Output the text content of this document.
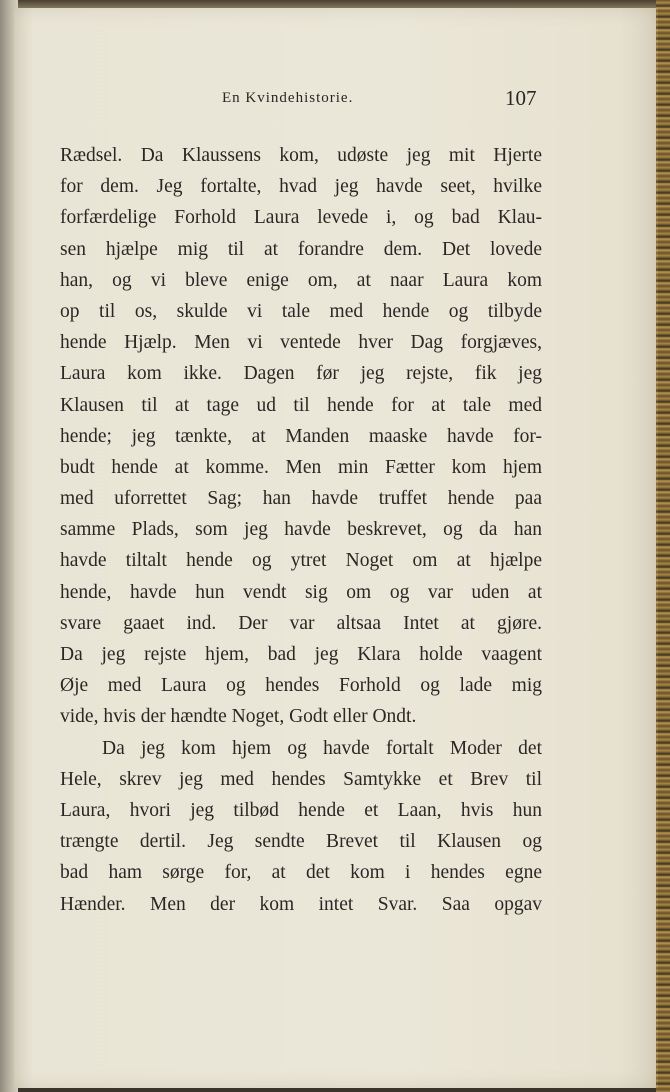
En Kvindehistorie.	107
Rædsel. Da Klaussens kom, udøste jeg mit Hjerte
for dem. Jeg fortalte, hvad jeg havde seet, hvilke
forfærdelige Forhold Laura levede i, og bad Klau-
sen hjælpe mig til at forandre dem. Det lovede
han, og vi bleve enige om, at naar Laura kom
op til os, skulde vi tale med hende og tilbyde
hende Hjælp. Men vi ventede hver Dag forgjæves,
Laura kom ikke. Dagen før jeg rejste, fik jeg
Klausen til at tage ud til hende for at tale med
hende; jeg tænkte, at Manden maaske havde for-
budt hende at komme. Men min Fætter kom hjem
med uforrettet Sag; han havde truffet hende paa
samme Plads, som jeg havde beskrevet, og da han
havde tiltalt hende og ytret Noget om at hjælpe
hende, havde hun vendt sig om og var uden at
svare gaaet ind. Der var altsaa Intet at gjøre.
Da jeg rejste hjem, bad jeg Klara holde vaagent
Øje med Laura og hendes Forhold og lade mig
vide, hvis der hændte Noget, Godt eller Ondt.
Da jeg kom hjem og havde fortalt Moder det
Hele, skrev jeg med hendes Samtykke et Brev til
Laura, hvori jeg tilbød hende et Laan, hvis hun
trængte dertil. Jeg sendte Brevet til Klausen og
bad ham sørge for, at det kom i hendes egne
Hænder. Men der kom intet Svar. Saa opgav
